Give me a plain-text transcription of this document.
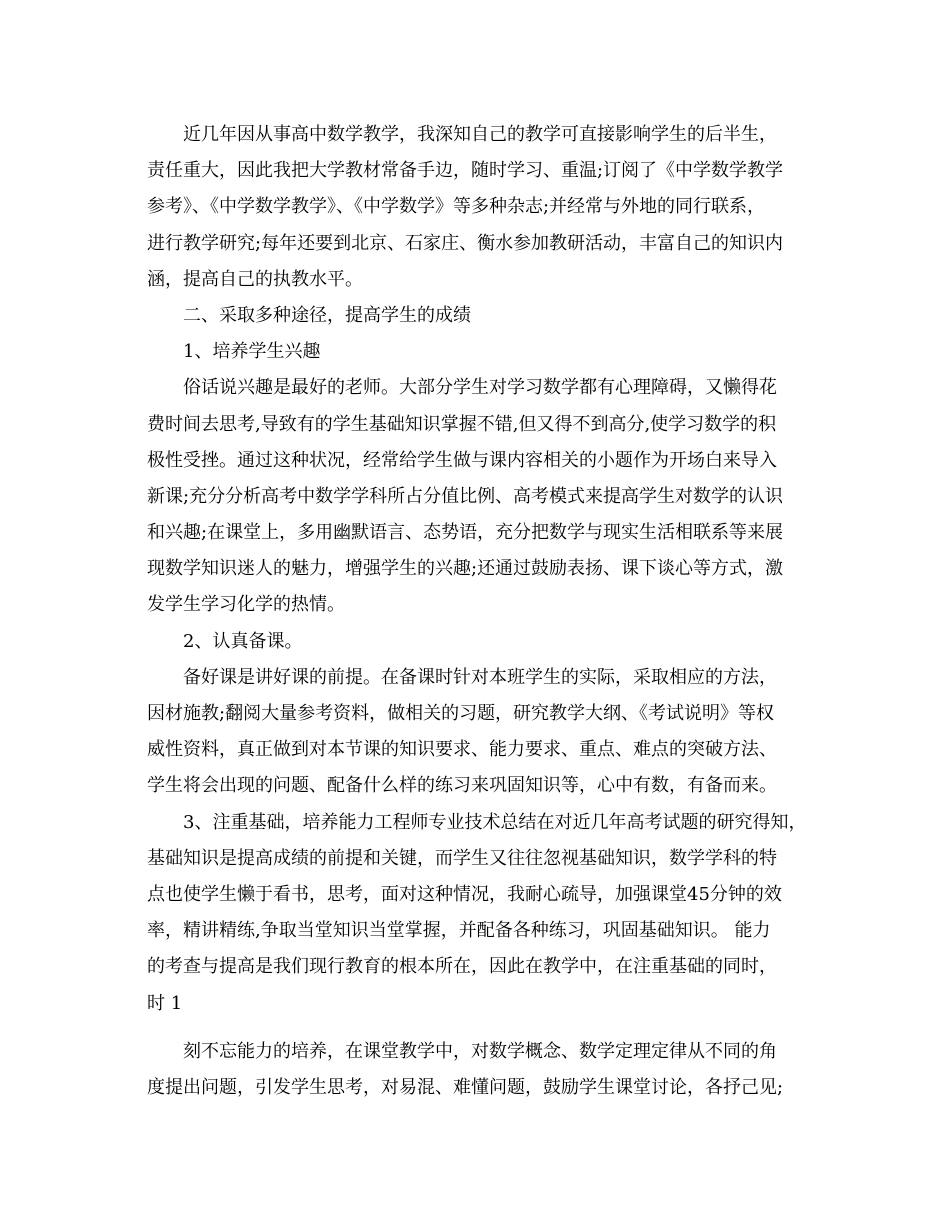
近几年因从事高中数学教学，我深知自己的教学可直接影响学生的后半生，
责任重大，因此我把大学教材常备手边，随时学习、重温;订阅了《中学数学教学
参考》、《中学数学教学》、《中学数学》等多种杂志;并经常与外地的同行联系，
进行教学研究;每年还要到北京、石家庄、衡水参加教研活动，丰富自己的知识内
涵，提高自己的执教水平。
二、采取多种途径，提高学生的成绩
1、培养学生兴趣
俗话说兴趣是最好的老师。大部分学生对学习数学都有心理障碍，又懒得花
费时间去思考,导致有的学生基础知识掌握不错,但又得不到高分,使学习数学的积
极性受挫。通过这种状况，经常给学生做与课内容相关的小题作为开场白来导入
新课;充分分析高考中数学学科所占分值比例、高考模式来提高学生对数学的认识
和兴趣;在课堂上，多用幽默语言、态势语，充分把数学与现实生活相联系等来展
现数学知识迷人的魅力，增强学生的兴趣;还通过鼓励表扬、课下谈心等方式，激
发学生学习化学的热情。
2、认真备课。
备好课是讲好课的前提。在备课时针对本班学生的实际，采取相应的方法，
因材施教;翻阅大量参考资料，做相关的习题，研究教学大纲、《考试说明》等权
威性资料，真正做到对本节课的知识要求、能力要求、重点、难点的突破方法、
学生将会出现的问题、配备什么样的练习来巩固知识等，心中有数，有备而来。
3、注重基础，培养能力工程师专业技术总结在对近几年高考试题的研究得知，
基础知识是提高成绩的前提和关键，而学生又往往忽视基础知识，数学学科的特
点也使学生懒于看书，思考，面对这种情况，我耐心疏导，加强课堂45分钟的效
率，精讲精练,争取当堂知识当堂掌握，并配备各种练习，巩固基础知识。 能力
的考查与提高是我们现行教育的根本所在，因此在教学中，在注重基础的同时，
时 1
刻不忘能力的培养，在课堂教学中，对数学概念、数学定理定律从不同的角
度提出问题，引发学生思考，对易混、难懂问题，鼓励学生课堂讨论，各抒己见;
